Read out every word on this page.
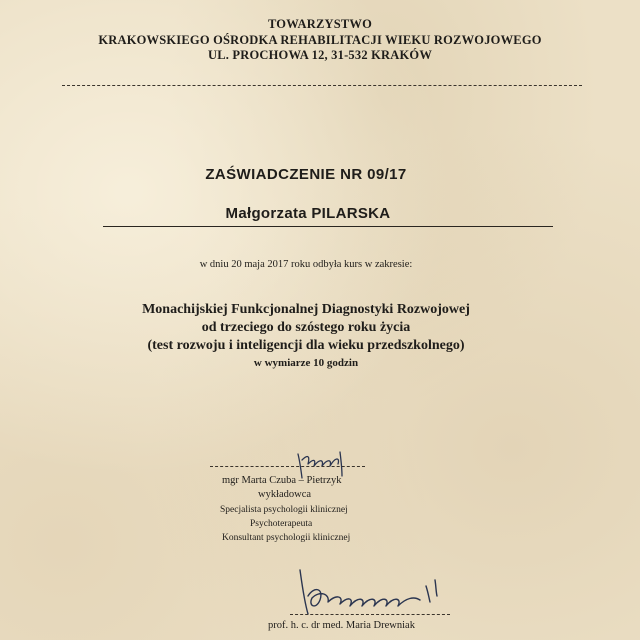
TOWARZYSTWO
KRAKOWSKIEGO OŚRODKA REHABILITACJI WIEKU ROZWOJOWEGO
UL. PROCHOWA 12, 31-532 KRAKÓW
ZAŚWIADCZENIE NR 09/17
Małgorzata PILARSKA
w dniu 20 maja 2017 roku odbyła kurs w zakresie:
Monachijskiej Funkcjonalnej Diagnostyki Rozwojowej
od trzeciego do szóstego roku życia
(test rozwoju i inteligencji dla wieku przedszkolnego)
w wymiarze 10 godzin
mgr Marta Czuba – Pietrzyk
wykładowca
Specjalista psychologii klinicznej
Psychoterapeuta
Konsultant psychologii klinicznej
prof. h. c. dr med. Maria Drewniak
